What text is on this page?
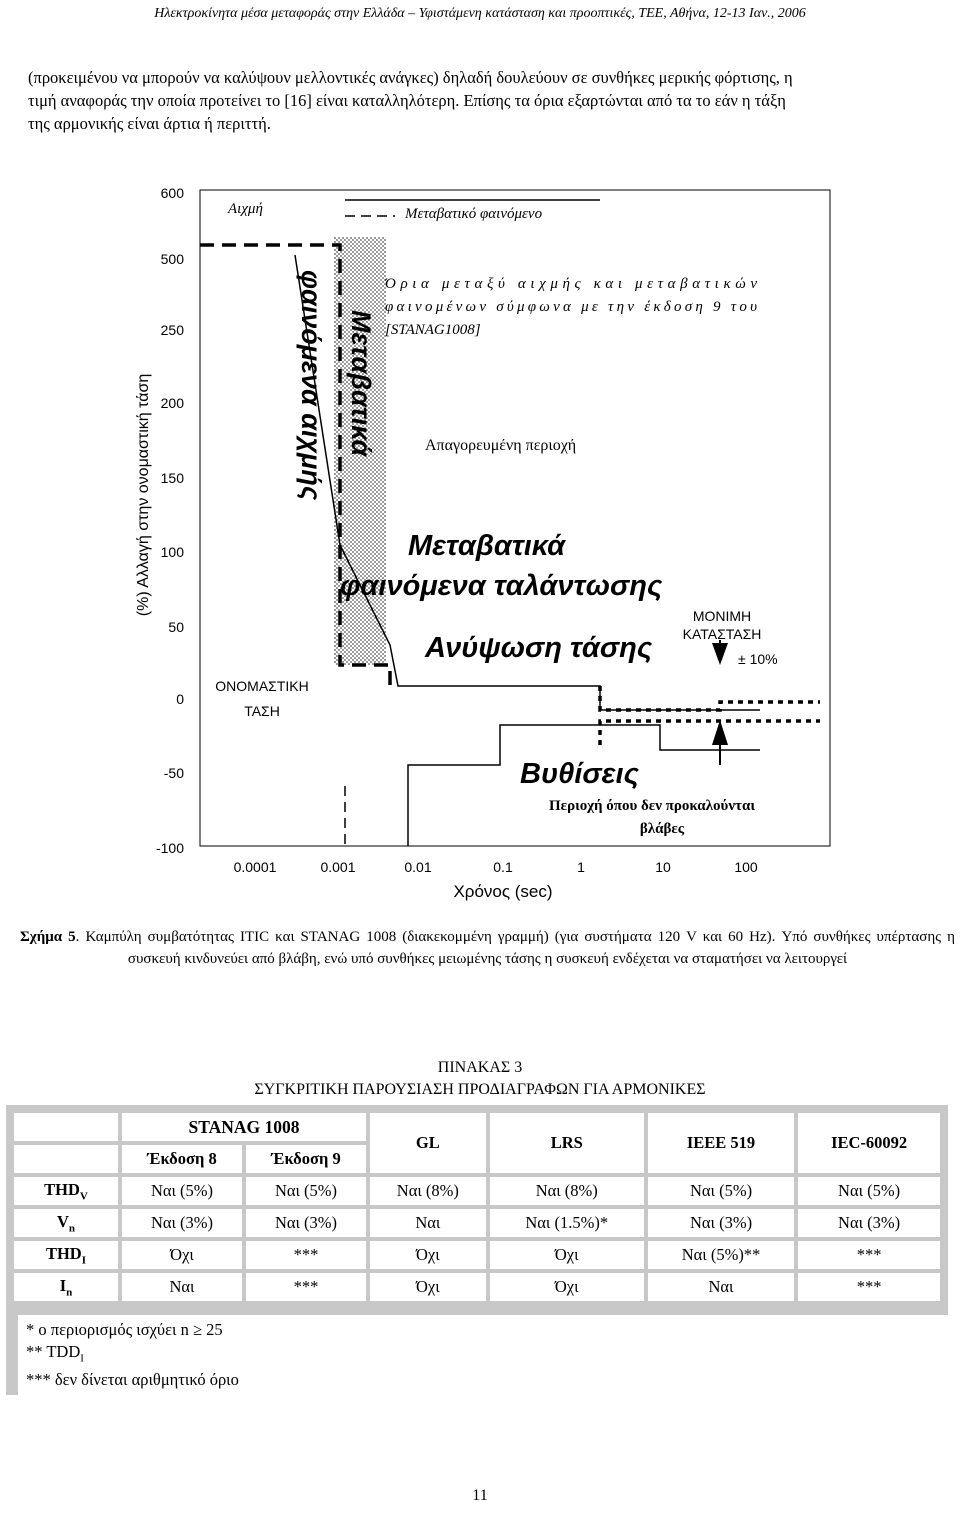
Ηλεκτροκίνητα μέσα μεταφοράς στην Ελλάδα – Υφιστάμενη κατάσταση και προοπτικές, ΤΕΕ, Αθήνα, 12-13 Ιαν., 2006
(προκειμένου να μπορούν να καλύψουν μελλοντικές ανάγκες) δηλαδή δουλεύουν σε συνθήκες μερικής φόρτισης, η
τιμή αναφοράς την οποία προτείνει το [16] είναι καταλληλότερη. Επίσης τα όρια εξαρτώνται από τα το εάν η τάξη
της αρμονικής είναι άρτια ή περιττή.
600
500
250
200
150
100
50
0
-50
-100
0.0001	0.001	0.01	0.1	1	10	100
Χρόνος (sec)
(%) Αλλαγή στην ονομαστική τάση
Αιχμή	Μεταβατικό φαινόμενο
Όρια μεταξύ αιχμής και μεταβατικών
φαινομένων σύμφωνα με την έκδοση 9 του
[STANAG1008]
Απαγορευμένη περιοχή
φαινόμενα αιχμής Μεταβατικά
Μεταβατικά
φαινόμενα ταλάντωσης
Ανύψωση τάσης
Βυθίσεις
ΜΟΝΙΜΗ
ΚΑΤΑΣΤΑΣΗ
± 10%
ΟΝΟΜΑΣΤΙΚΗ
ΤΑΣΗ
Περιοχή όπου δεν προκαλούνται
βλάβες
Σχήμα 5. Καμπύλη συμβατότητας ITIC και STANAG 1008 (διακεκομμένη γραμμή) (για συστήματα 120 V και 60 Hz). Υπό συνθήκες υπέρτασης η συσκευή κινδυνεύει από βλάβη, ενώ υπό συνθήκες μειωμένης τάσης η συσκευή ενδέχεται να σταματήσει να λειτουργεί
ΠΙΝΑΚΑΣ 3
ΣΥΓΚΡΙΤΙΚΗ ΠΑΡΟΥΣΙΑΣΗ ΠΡΟΔΙΑΓΡΑΦΩΝ ΓΙΑ ΑΡΜΟΝΙΚΕΣ
	STANAG 1008		GL	LRS	IEEE 519	IEC-60092
	Έκδοση 8	Έκδοση 9				
$THD_V$	Ναι (5%)	Ναι (5%)	Ναι (8%)	Ναι (8%)	Ναι (5%)	Ναι (5%)
$V_n$	Ναι (3%)	Ναι (3%)	Ναι	Ναι (1.5%)*	Ναι (3%)	Ναι (3%)
$THD_I$	Όχι	***	Όχι	Όχι	Ναι (5%)**	***
$I_n$	Ναι	***	Όχι	Όχι	Ναι	***
* ο περιορισμός ισχύει n ≥ 25
** $TDD_I$
*** δεν δίνεται αριθμητικό όριο
11
